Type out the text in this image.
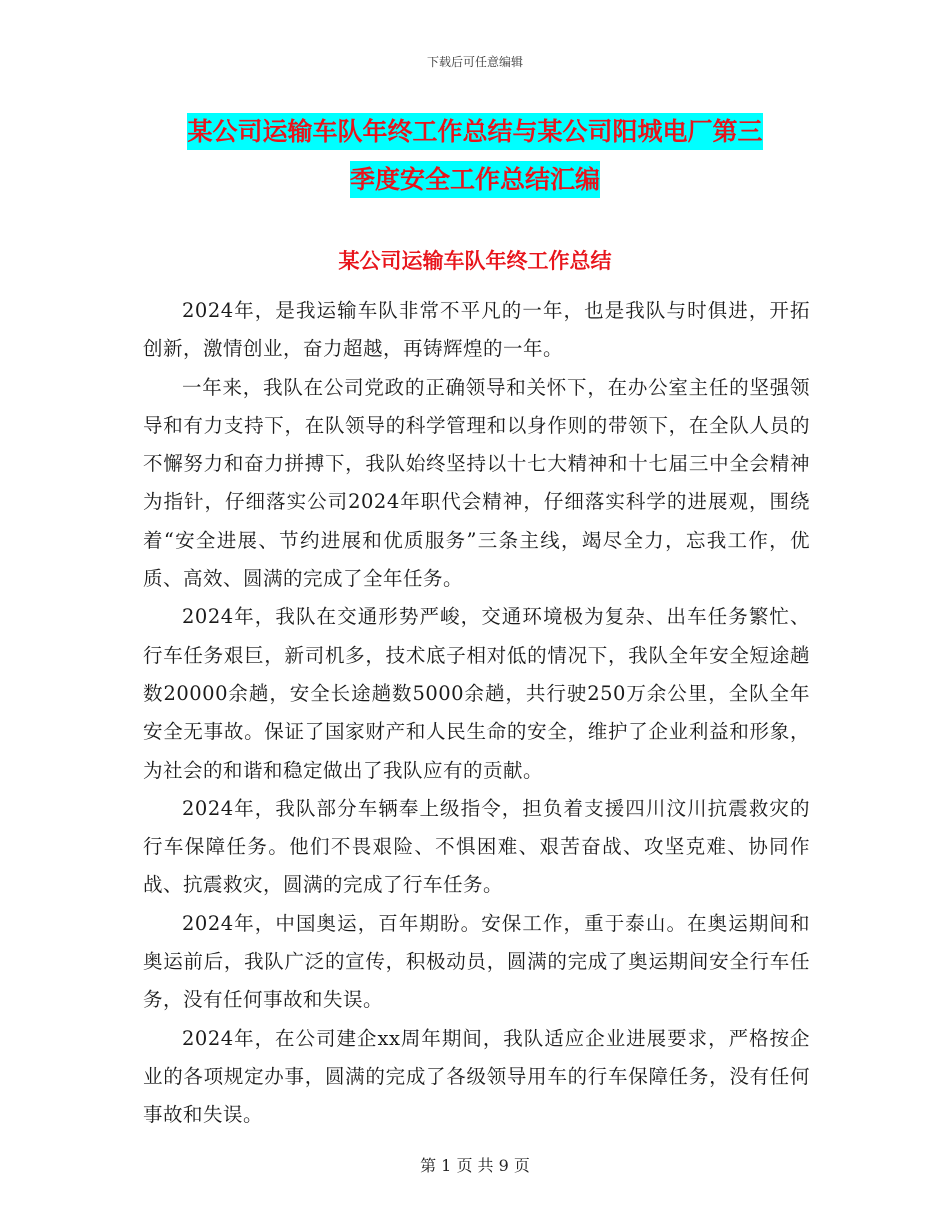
下载后可任意编辑
某公司运输车队年终工作总结与某公司阳城电厂第三
季度安全工作总结汇编
某公司运输车队年终工作总结

2024年，是我运输车队非常不平凡的一年，也是我队与时俱进，开拓创新，激情创业，奋力超越，再铸辉煌的一年。

一年来，我队在公司党政的正确领导和关怀下，在办公室主任的坚强领导和有力支持下，在队领导的科学管理和以身作则的带领下，在全队人员的不懈努力和奋力拼搏下，我队始终坚持以十七大精神和十七届三中全会精神为指针，仔细落实公司2024年职代会精神，仔细落实科学的进展观，围绕着“安全进展、节约进展和优质服务”三条主线，竭尽全力，忘我工作，优质、高效、圆满的完成了全年任务。

2024年，我队在交通形势严峻，交通环境极为复杂、出车任务繁忙、行车任务艰巨，新司机多，技术底子相对低的情况下，我队全年安全短途趟数20000余趟，安全长途趟数5000余趟，共行驶250万余公里，全队全年安全无事故。保证了国家财产和人民生命的安全，维护了企业利益和形象，为社会的和谐和稳定做出了我队应有的贡献。

2024年，我队部分车辆奉上级指令，担负着支援四川汶川抗震救灾的行车保障任务。他们不畏艰险、不惧困难、艰苦奋战、攻坚克难、协同作战、抗震救灾，圆满的完成了行车任务。

2024年，中国奥运，百年期盼。安保工作，重于泰山。在奥运期间和奥运前后，我队广泛的宣传，积极动员，圆满的完成了奥运期间安全行车任务，没有任何事故和失误。

2024年，在公司建企xx周年期间，我队适应企业进展要求，严格按企业的各项规定办事，圆满的完成了各级领导用车的行车保障任务，没有任何事故和失误。

第 1 页 共 9 页
